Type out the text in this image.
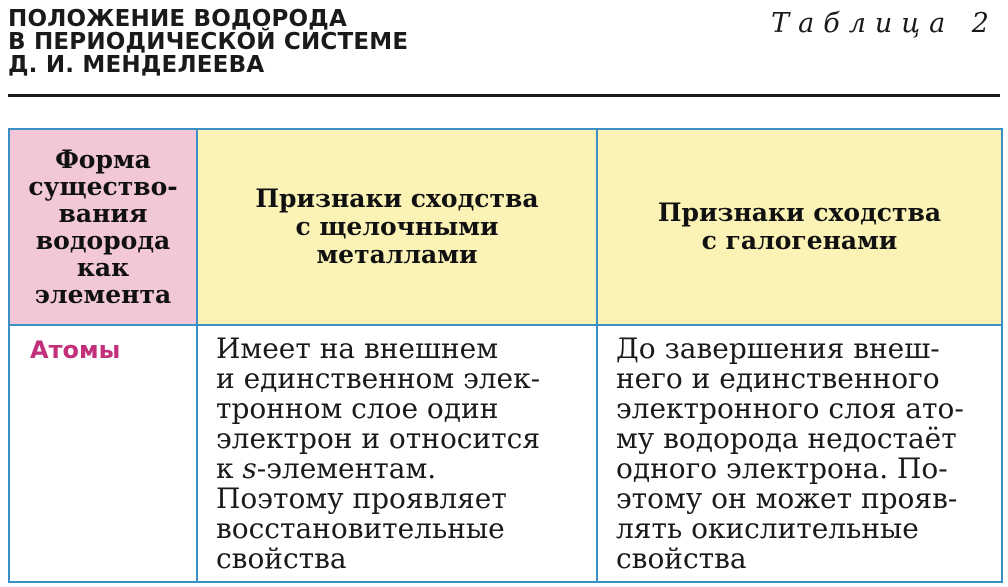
ПОЛОЖЕНИЕ ВОДОРОДА
В ПЕРИОДИЧЕСКОЙ СИСТЕМЕ
Д. И. МЕНДЕЛЕЕВА
Таблица 2
Форма
существо-
вания
водорода
как
элемента
Признаки сходства
с щелочными
металлами
Признаки сходства
с галогенами
Атомы	Имеет на внешнем
и единственном элек-
тронном слое один
электрон и относится
к 𝑠-элементам.
Поэтому проявляет
восстановительные
свойства
До завершения внеш-
него и единственного
электронного слоя ато-
му водорода недостаёт
одного электрона. По-
этому он может прояв-
лять окислительные
свойства
